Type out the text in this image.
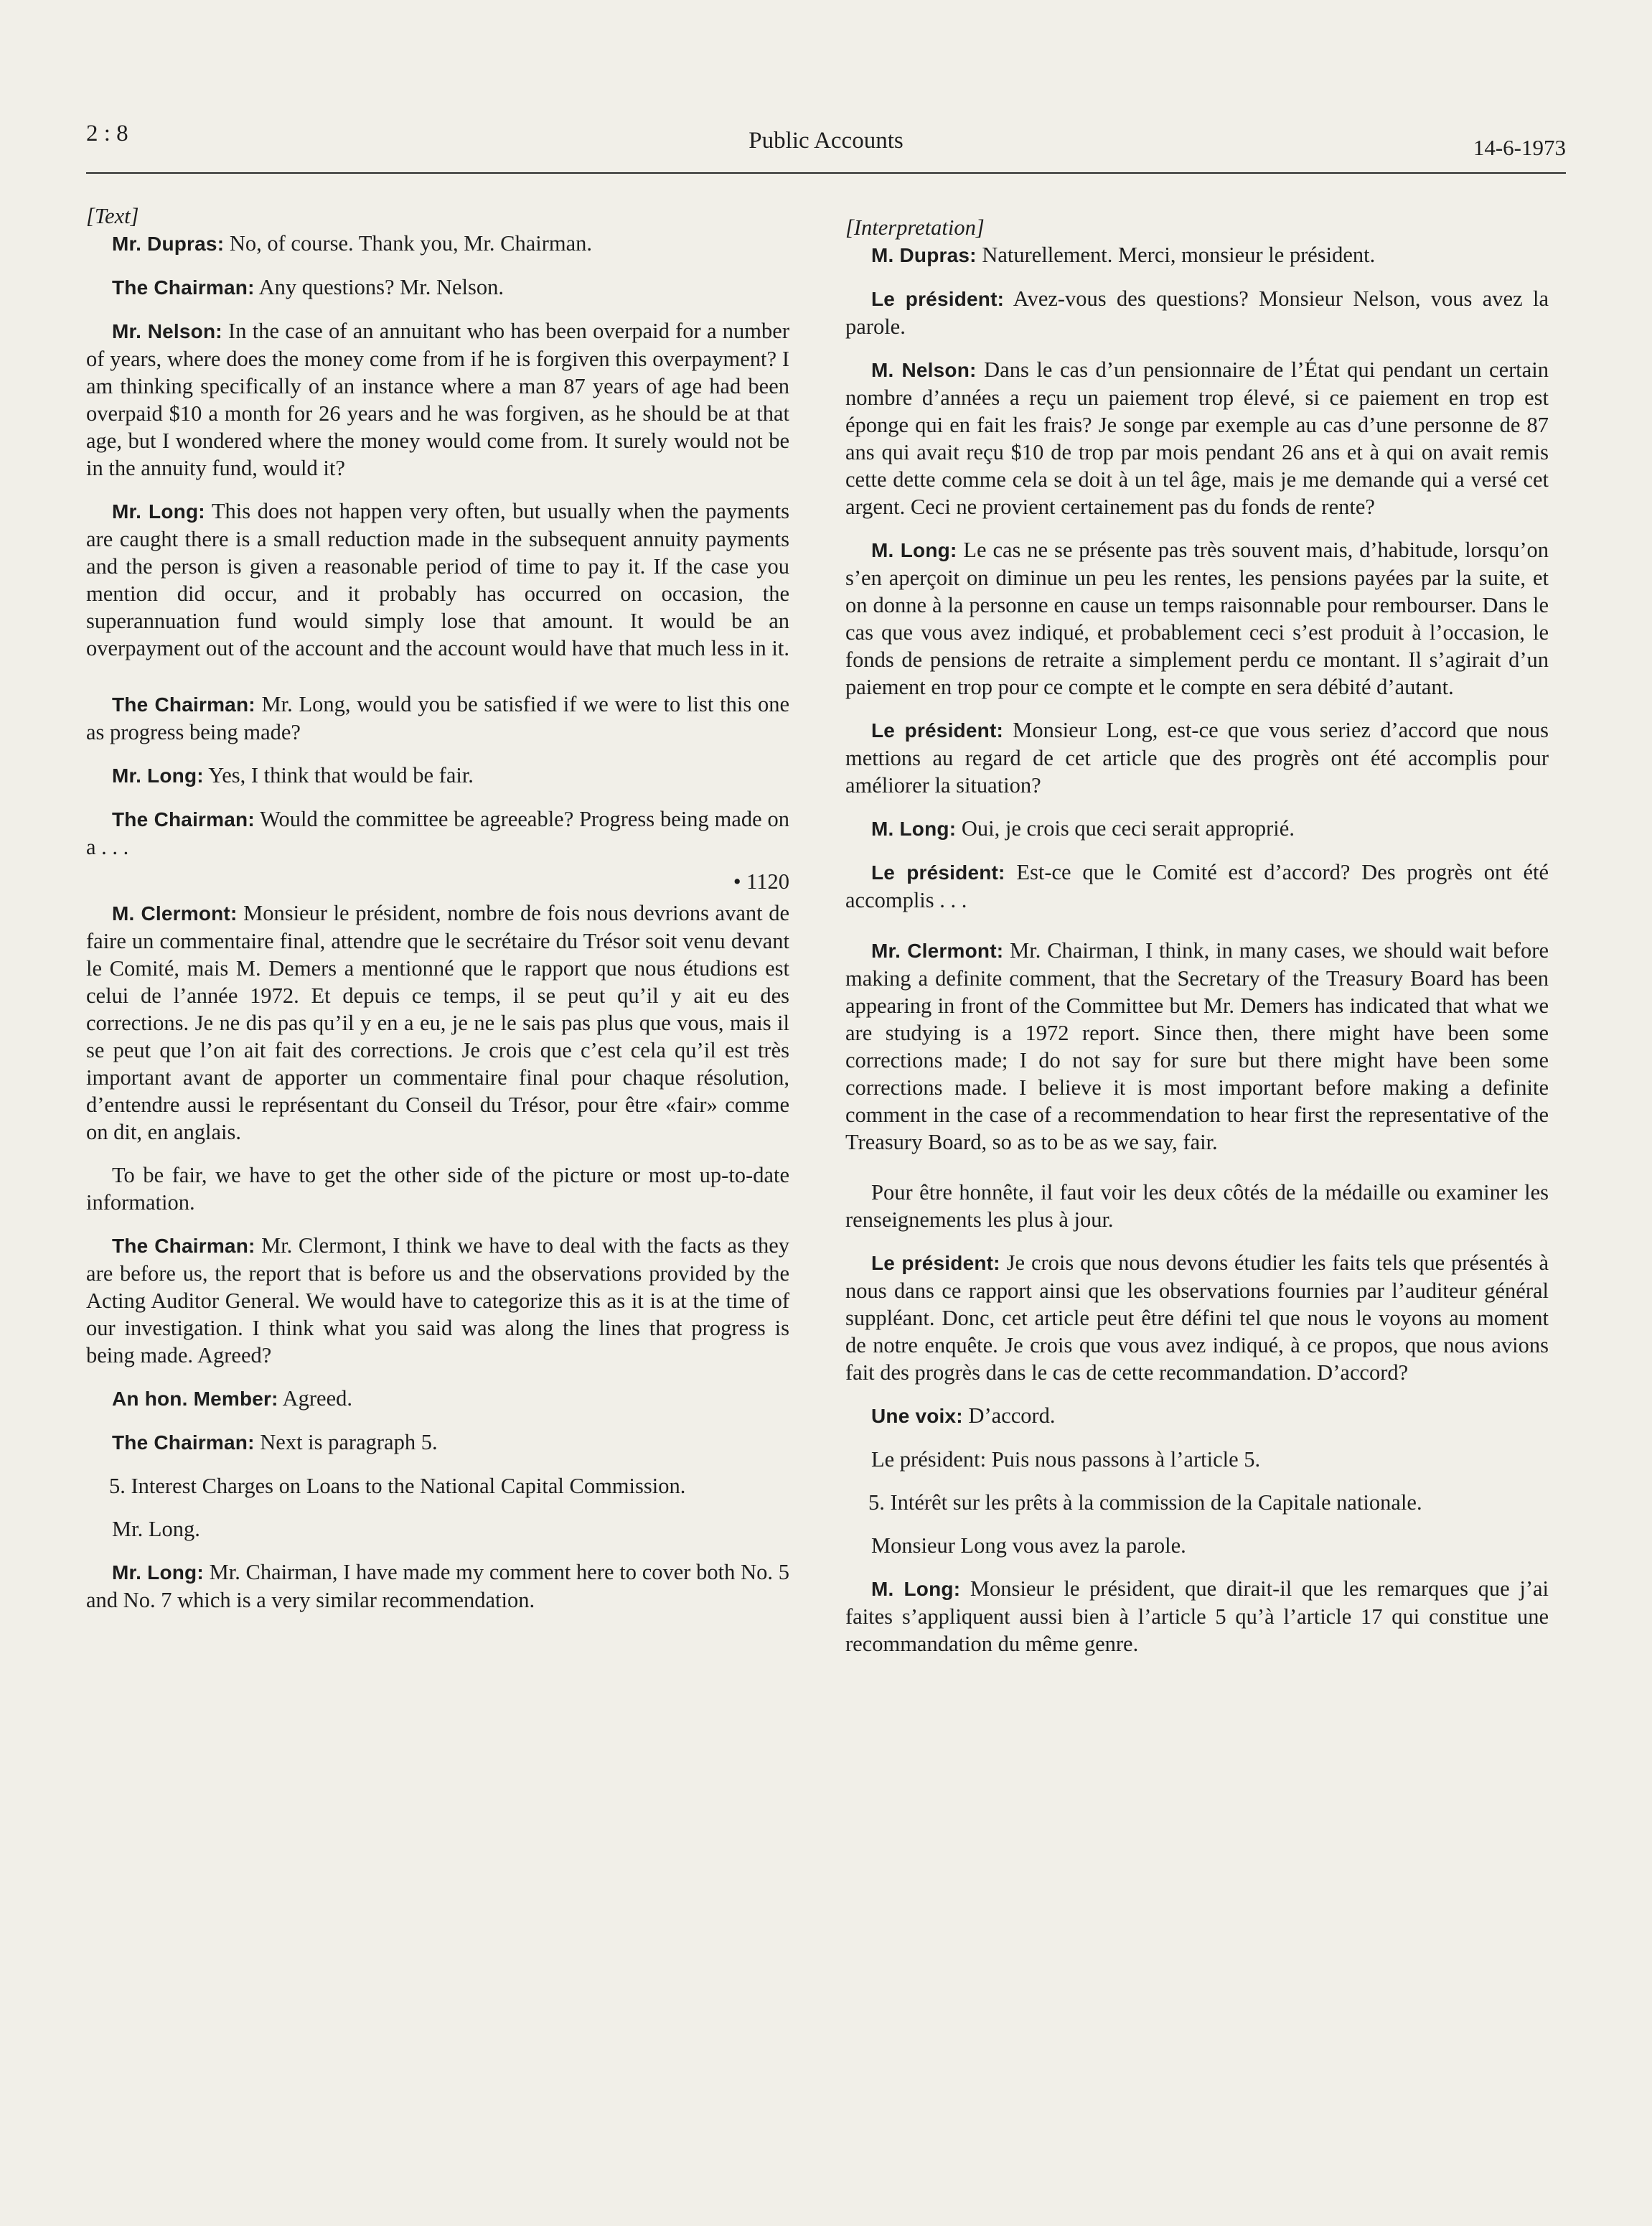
2 : 8	Public Accounts	14-6-1973

[Text]

Mr. Dupras: No, of course. Thank you, Mr. Chairman.

The Chairman: Any questions? Mr. Nelson.

Mr. Nelson: In the case of an annuitant who has been overpaid for a number of years, where does the money come from if he is forgiven this overpayment? I am thinking specifically of an instance where a man 87 years of age had been overpaid $10 a month for 26 years and he was forgiven, as he should be at that age, but I wondered where the money would come from. It surely would not be in the annuity fund, would it?

Mr. Long: This does not happen very often, but usually when the payments are caught there is a small reduction made in the subsequent annuity payments and the person is given a reasonable period of time to pay it. If the case you mention did occur, and it probably has occurred on occasion, the superannuation fund would simply lose that amount. It would be an overpayment out of the account and the account would have that much less in it.

The Chairman: Mr. Long, would you be satisfied if we were to list this one as progress being made?

Mr. Long: Yes, I think that would be fair.

The Chairman: Would the committee be agreeable? Progress being made on a . . .

• 1120

M. Clermont: Monsieur le président, nombre de fois nous devrions avant de faire un commentaire final, attendre que le secrétaire du Trésor soit venu devant le Comité, mais M. Demers a mentionné que le rapport que nous étudions est celui de l’année 1972. Et depuis ce temps, il se peut qu’il y ait eu des corrections. Je ne dis pas qu’il y en a eu, je ne le sais pas plus que vous, mais il se peut que l’on ait fait des corrections. Je crois que c’est cela qu’il est très important avant de apporter un commentaire final pour chaque résolution, d’entendre aussi le représentant du Conseil du Trésor, pour être «fair» comme on dit, en anglais.

To be fair, we have to get the other side of the picture or most up-to-date information.

The Chairman: Mr. Clermont, I think we have to deal with the facts as they are before us, the report that is before us and the observations provided by the Acting Auditor General. We would have to categorize this as it is at the time of our investigation. I think what you said was along the lines that progress is being made. Agreed?

An hon. Member: Agreed.

The Chairman: Next is paragraph 5.

5. Interest Charges on Loans to the National Capital Commission.

Mr. Long.

Mr. Long: Mr. Chairman, I have made my comment here to cover both No. 5 and No. 7 which is a very similar recommendation.

[Interpretation]

M. Dupras: Naturellement. Merci, monsieur le président.

Le président: Avez-vous des questions? Monsieur Nelson, vous avez la parole.

M. Nelson: Dans le cas d’un pensionnaire de l’État qui pendant un certain nombre d’années a reçu un paiement trop élevé, si ce paiement en trop est éponge qui en fait les frais? Je songe par exemple au cas d’une personne de 87 ans qui avait reçu $10 de trop par mois pendant 26 ans et à qui on avait remis cette dette comme cela se doit à un tel âge, mais je me demande qui a versé cet argent. Ceci ne provient certainement pas du fonds de rente?

M. Long: Le cas ne se présente pas très souvent mais, d’habitude, lorsqu’on s’en aperçoit on diminue un peu les rentes, les pensions payées par la suite, et on donne à la personne en cause un temps raisonnable pour rembourser. Dans le cas que vous avez indiqué, et probablement ceci s’est produit à l’occasion, le fonds de pensions de retraite a simplement perdu ce montant. Il s’agirait d’un paiement en trop pour ce compte et le compte en sera débité d’autant.

Le président: Monsieur Long, est-ce que vous seriez d’accord que nous mettions au regard de cet article que des progrès ont été accomplis pour améliorer la situation?

M. Long: Oui, je crois que ceci serait approprié.

Le président: Est-ce que le Comité est d’accord? Des progrès ont été accomplis . . .

Mr. Clermont: Mr. Chairman, I think, in many cases, we should wait before making a definite comment, that the Secretary of the Treasury Board has been appearing in front of the Committee but Mr. Demers has indicated that what we are studying is a 1972 report. Since then, there might have been some corrections made; I do not say for sure but there might have been some corrections made. I believe it is most important before making a definite comment in the case of a recommendation to hear first the representative of the Treasury Board, so as to be as we say, fair.

Pour être honnête, il faut voir les deux côtés de la médaille ou examiner les renseignements les plus à jour.

Le président: Je crois que nous devons étudier les faits tels que présentés à nous dans ce rapport ainsi que les observations fournies par l’auditeur général suppléant. Donc, cet article peut être défini tel que nous le voyons au moment de notre enquête. Je crois que vous avez indiqué, à ce propos, que nous avions fait des progrès dans le cas de cette recommandation. D’accord?

Une voix: D’accord.

Le président: Puis nous passons à l’article 5.

5. Intérêt sur les prêts à la commission de la Capitale nationale.

Monsieur Long vous avez la parole.

M. Long: Monsieur le président, que dirait-il que les remarques que j’ai faites s’appliquent aussi bien à l’article 5 qu’à l’article 17 qui constitue une recommandation du même genre.
